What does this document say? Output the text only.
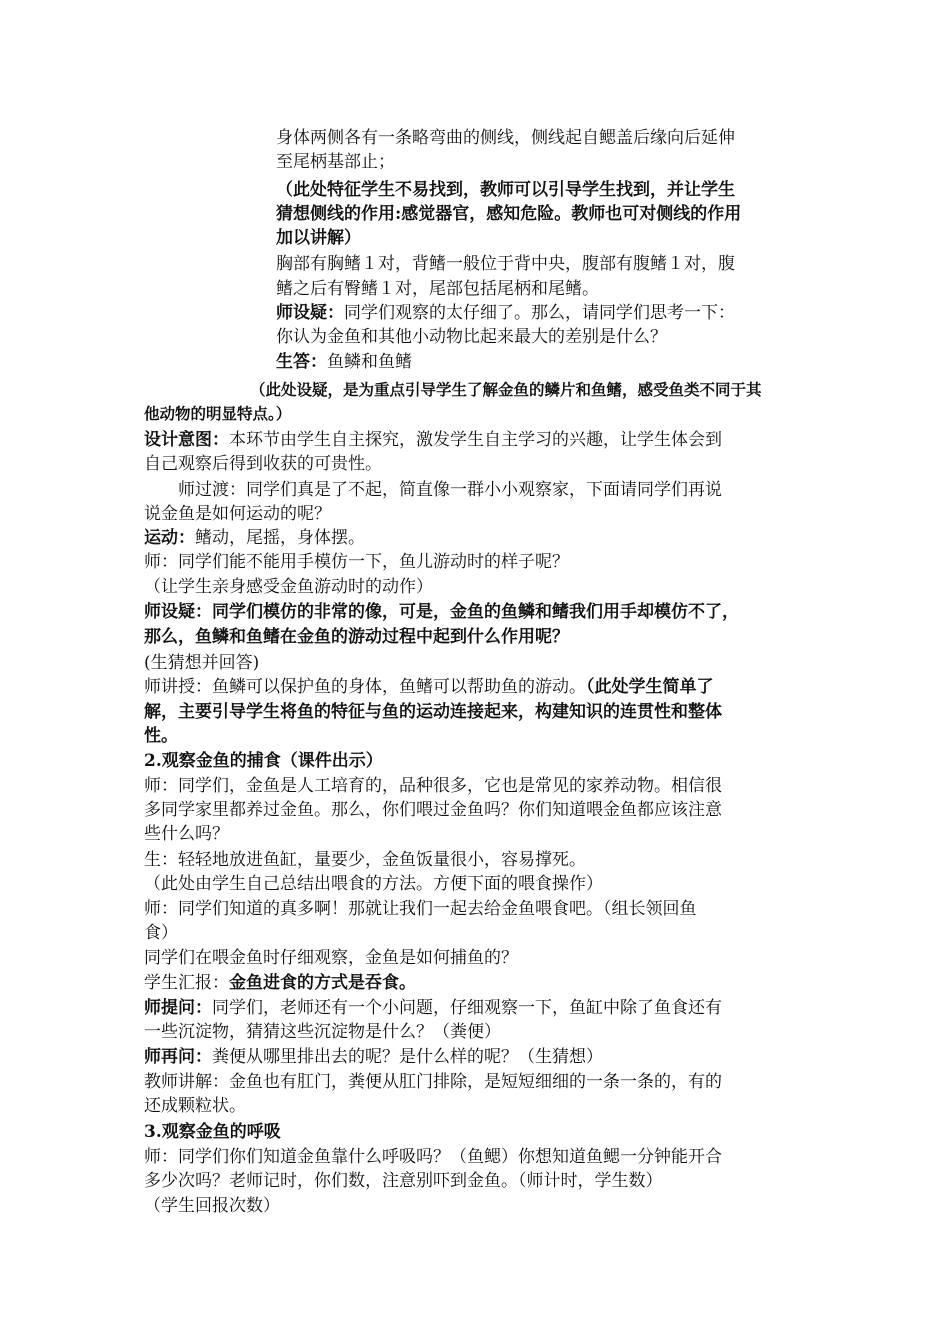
身体两侧各有一条略弯曲的侧线，侧线起自鳃盖后缘向后延伸
至尾柄基部止；
（此处特征学生不易找到，教师可以引导学生找到，并让学生
猜想侧线的作用:感觉器官，感知危险。教师也可对侧线的作用
加以讲解）
胸部有胸鳍１对，背鳍一般位于背中央，腹部有腹鳍１对，腹
鳍之后有臀鳍１对，尾部包括尾柄和尾鳍。
师设疑：同学们观察的太仔细了。那么，请同学们思考一下：
你认为金鱼和其他小动物比起来最大的差别是什么？
生答：鱼鳞和鱼鳍
（此处设疑，是为重点引导学生了解金鱼的鳞片和鱼鳍，感受鱼类不同于其
他动物的明显特点。）
设计意图：本环节由学生自主探究，激发学生自主学习的兴趣，让学生体会到
自己观察后得到收获的可贵性。
师过渡：同学们真是了不起，简直像一群小小观察家，下面请同学们再说
说金鱼是如何运动的呢？
运动：鳍动，尾摇，身体摆。
师：同学们能不能用手模仿一下，鱼儿游动时的样子呢？
（让学生亲身感受金鱼游动时的动作）
师设疑：同学们模仿的非常的像，可是，金鱼的鱼鳞和鳍我们用手却模仿不了，
那么，鱼鳞和鱼鳍在金鱼的游动过程中起到什么作用呢？
(生猜想并回答)
师讲授：鱼鳞可以保护鱼的身体，鱼鳍可以帮助鱼的游动。（此处学生简单了
解，主要引导学生将鱼的特征与鱼的运动连接起来，构建知识的连贯性和整体
性。
2.观察金鱼的捕食（课件出示）
师：同学们，金鱼是人工培育的，品种很多，它也是常见的家养动物。相信很
多同学家里都养过金鱼。那么，你们喂过金鱼吗？你们知道喂金鱼都应该注意
些什么吗？
生：轻轻地放进鱼缸，量要少，金鱼饭量很小，容易撑死。
（此处由学生自己总结出喂食的方法。方便下面的喂食操作）
师：同学们知道的真多啊！那就让我们一起去给金鱼喂食吧。（组长领回鱼
食）
同学们在喂金鱼时仔细观察，金鱼是如何捕鱼的？
学生汇报：金鱼进食的方式是吞食。
师提问：同学们，老师还有一个小问题，仔细观察一下，鱼缸中除了鱼食还有
一些沉淀物，猜猜这些沉淀物是什么？（粪便）
师再问：粪便从哪里排出去的呢？是什么样的呢？（生猜想）
教师讲解：金鱼也有肛门，粪便从肛门排除，是短短细细的一条一条的，有的
还成颗粒状。
3.观察金鱼的呼吸
师：同学们你们知道金鱼靠什么呼吸吗？（鱼鳃）你想知道鱼鳃一分钟能开合
多少次吗？老师记时，你们数，注意别吓到金鱼。（师计时，学生数）
（学生回报次数）
